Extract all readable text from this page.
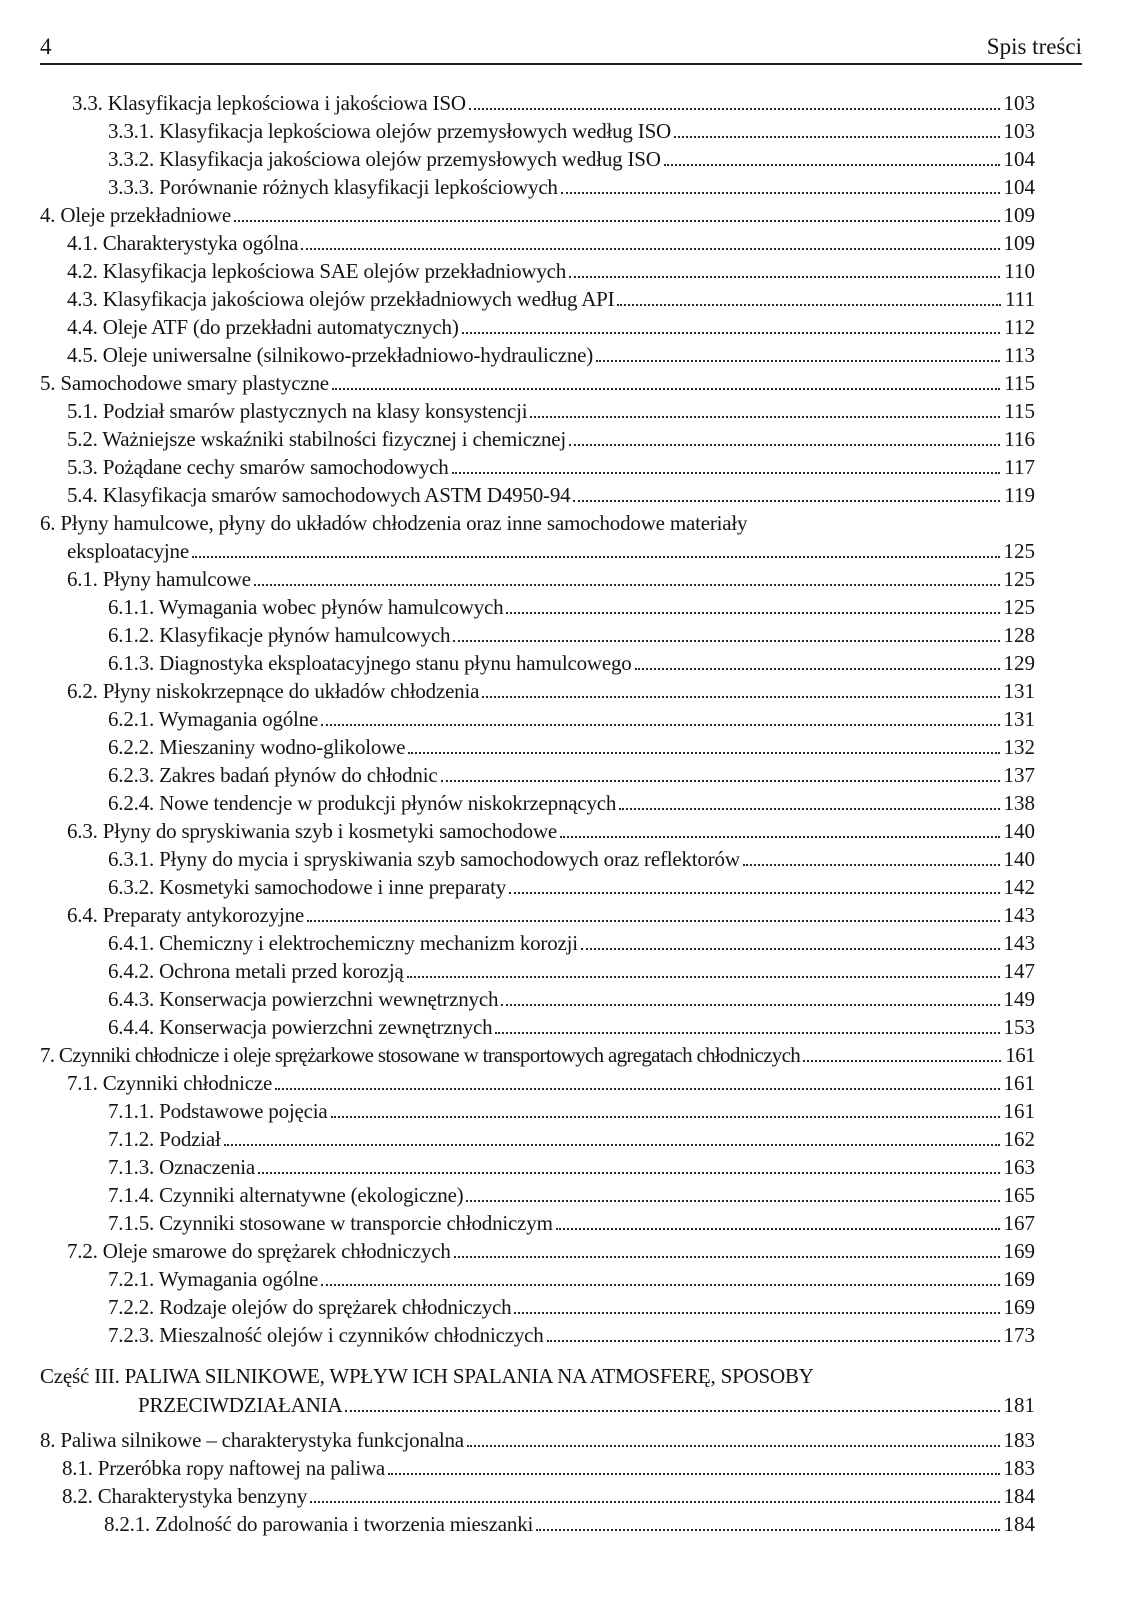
4	Spis treści
3.3. Klasyfikacja lepkościowa i jakościowa ISO	103
3.3.1. Klasyfikacja lepkościowa olejów przemysłowych według ISO	103
3.3.2. Klasyfikacja jakościowa olejów przemysłowych według ISO	104
3.3.3. Porównanie różnych klasyfikacji lepkościowych	104
4. Oleje przekładniowe	109
4.1. Charakterystyka ogólna	109
4.2. Klasyfikacja lepkościowa SAE olejów przekładniowych	110
4.3. Klasyfikacja jakościowa olejów przekładniowych według API	111
4.4. Oleje ATF (do przekładni automatycznych)	112
4.5. Oleje uniwersalne (silnikowo-przekładniowo-hydrauliczne)	113
5. Samochodowe smary plastyczne	115
5.1. Podział smarów plastycznych na klasy konsystencji	115
5.2. Ważniejsze wskaźniki stabilności fizycznej i chemicznej	116
5.3. Pożądane cechy smarów samochodowych	117
5.4. Klasyfikacja smarów samochodowych ASTM D4950-94	119
6. Płyny hamulcowe, płyny do układów chłodzenia oraz inne samochodowe materiały
eksploatacyjne	125
6.1. Płyny hamulcowe	125
6.1.1. Wymagania wobec płynów hamulcowych	125
6.1.2. Klasyfikacje płynów hamulcowych	128
6.1.3. Diagnostyka eksploatacyjnego stanu płynu hamulcowego	129
6.2. Płyny niskokrzepnące do układów chłodzenia	131
6.2.1. Wymagania ogólne	131
6.2.2. Mieszaniny wodno-glikolowe	132
6.2.3. Zakres badań płynów do chłodnic	137
6.2.4. Nowe tendencje w produkcji płynów niskokrzepnących	138
6.3. Płyny do spryskiwania szyb i kosmetyki samochodowe	140
6.3.1. Płyny do mycia i spryskiwania szyb samochodowych oraz reflektorów	140
6.3.2. Kosmetyki samochodowe i inne preparaty	142
6.4. Preparaty antykorozyjne	143
6.4.1. Chemiczny i elektrochemiczny mechanizm korozji	143
6.4.2. Ochrona metali przed korozją	147
6.4.3. Konserwacja powierzchni wewnętrznych	149
6.4.4. Konserwacja powierzchni zewnętrznych	153
7. Czynniki chłodnicze i oleje sprężarkowe stosowane w transportowych agregatach chłodniczych	161
7.1. Czynniki chłodnicze	161
7.1.1. Podstawowe pojęcia	161
7.1.2. Podział	162
7.1.3. Oznaczenia	163
7.1.4. Czynniki alternatywne (ekologiczne)	165
7.1.5. Czynniki stosowane w transporcie chłodniczym	167
7.2. Oleje smarowe do sprężarek chłodniczych	169
7.2.1. Wymagania ogólne	169
7.2.2. Rodzaje olejów do sprężarek chłodniczych	169
7.2.3. Mieszalność olejów i czynników chłodniczych	173
Część III. PALIWA SILNIKOWE, WPŁYW ICH SPALANIA NA ATMOSFERĘ, SPOSOBY
PRZECIWDZIAŁANIA	181
8. Paliwa silnikowe – charakterystyka funkcjonalna	183
8.1. Przeróbka ropy naftowej na paliwa	183
8.2. Charakterystyka benzyny	184
8.2.1. Zdolność do parowania i tworzenia mieszanki	184
